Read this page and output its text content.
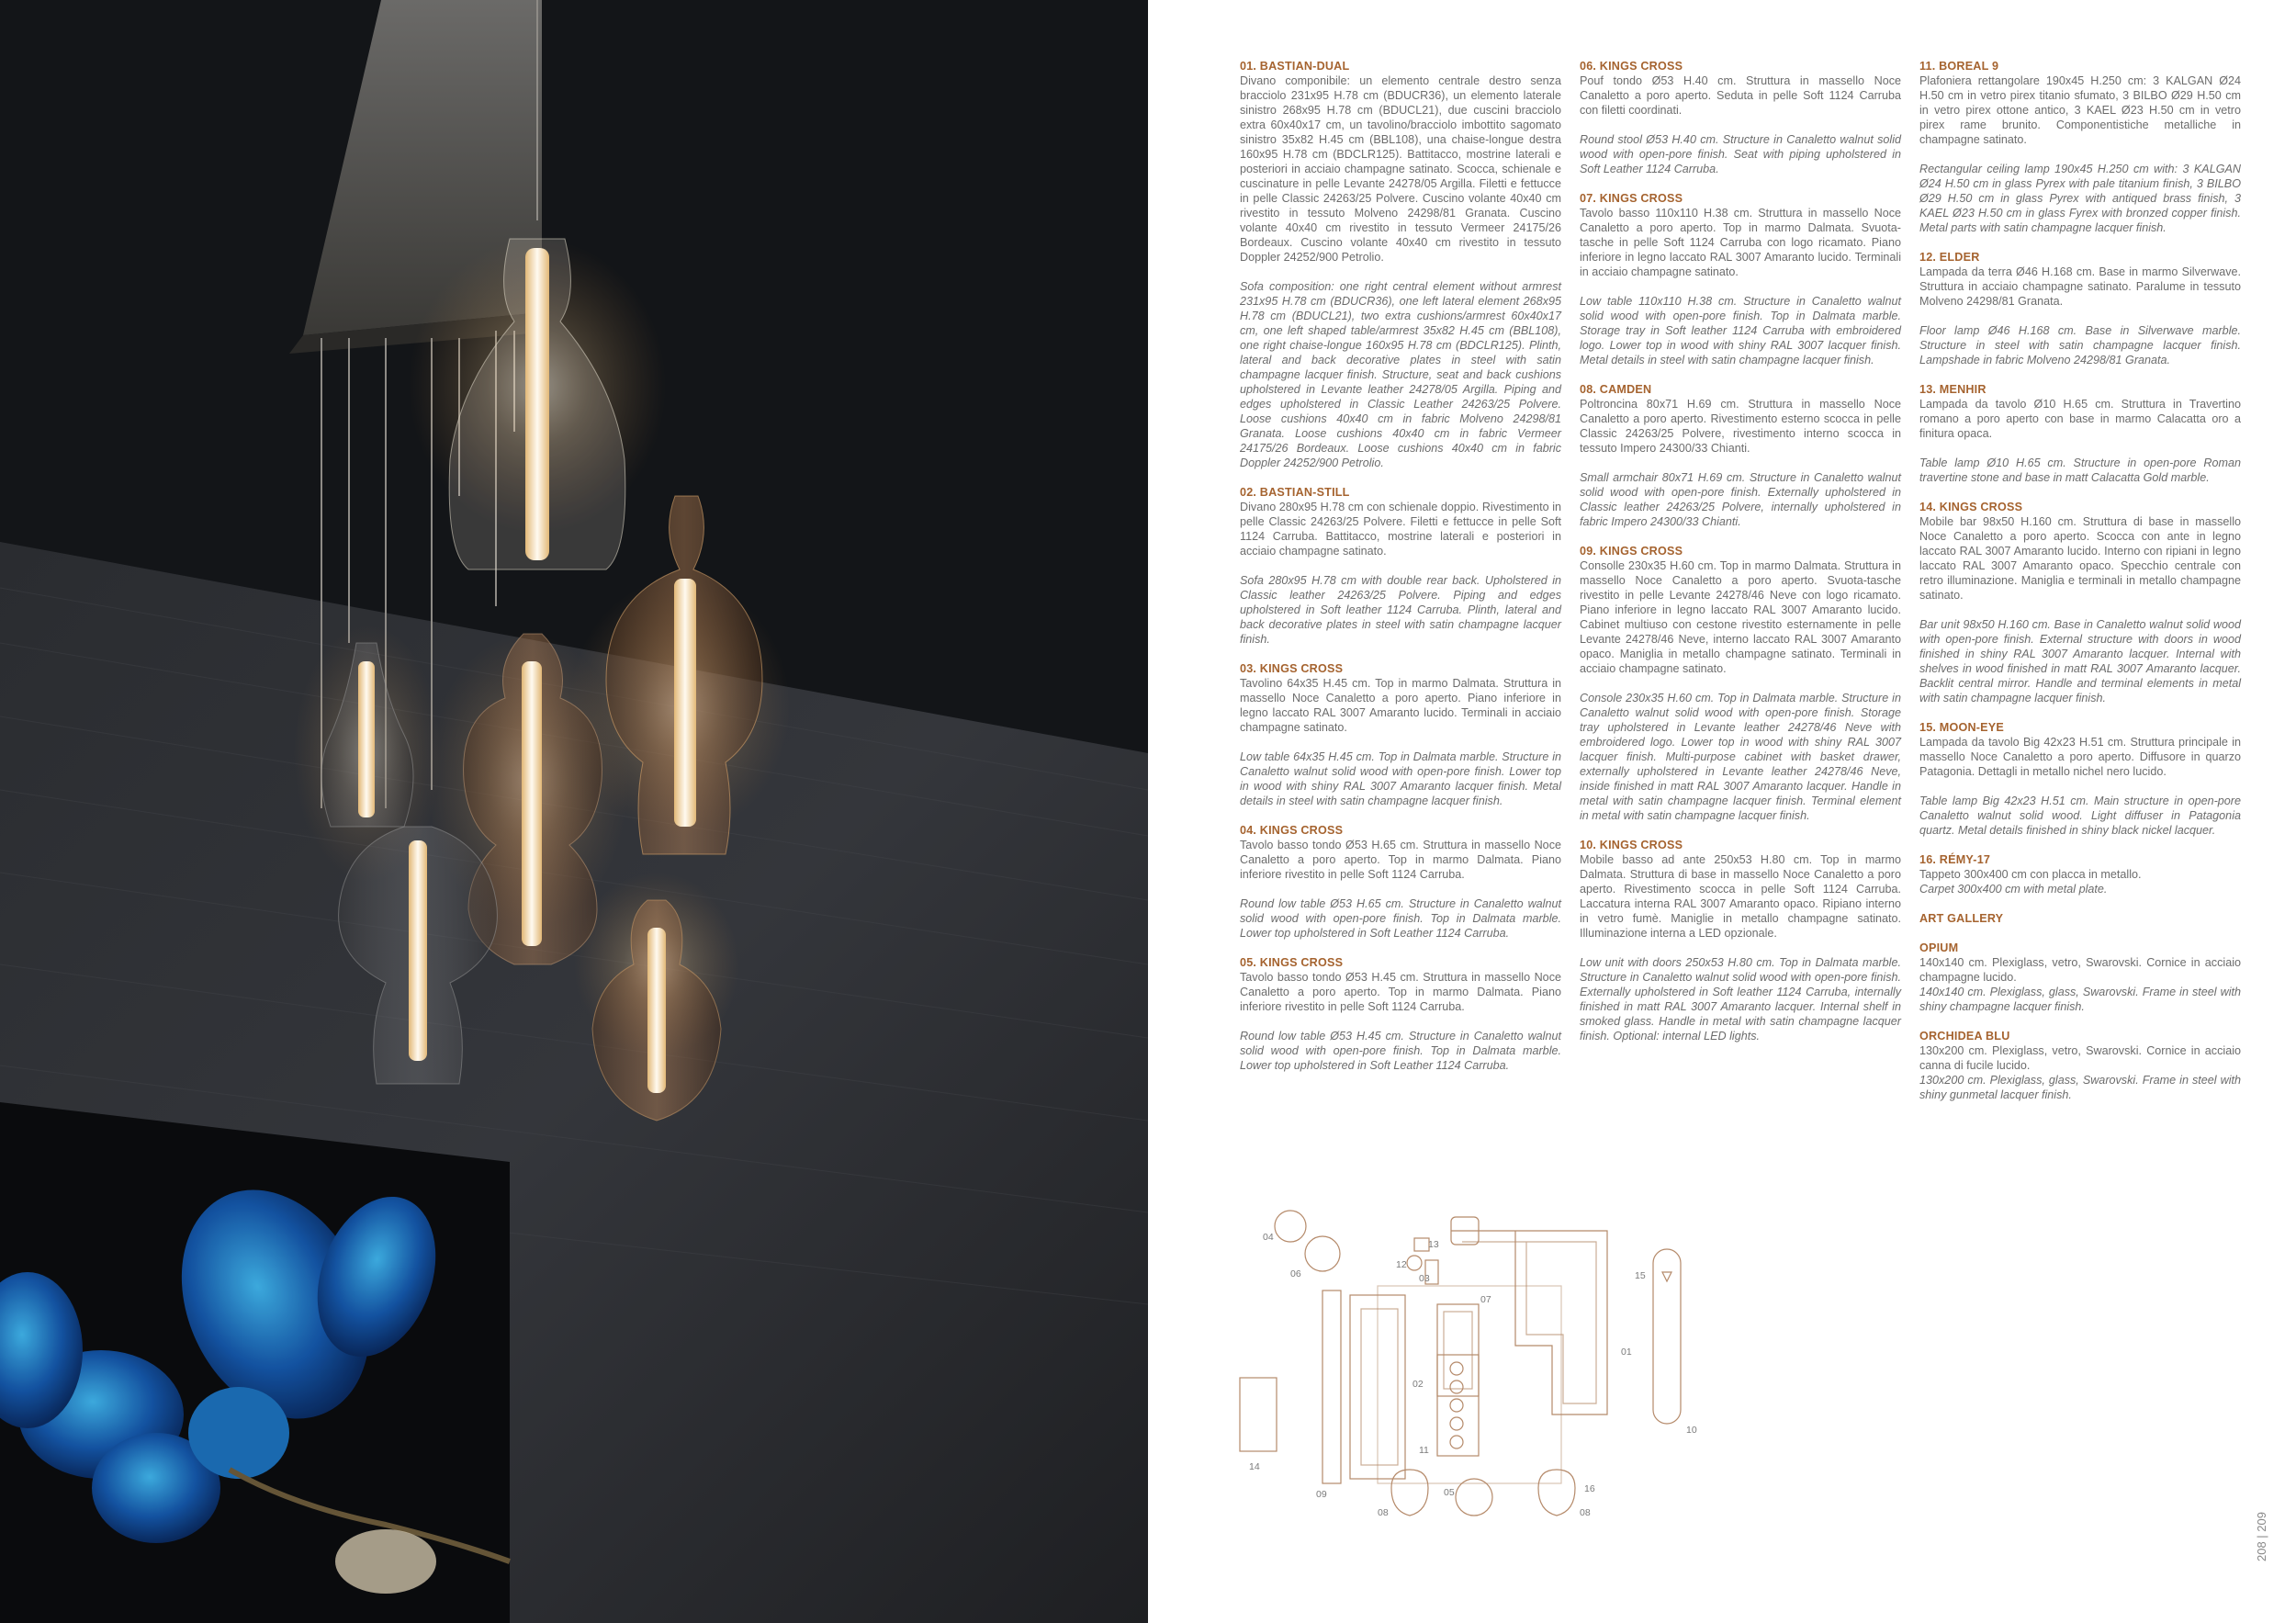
01. BASTIAN-DUAL

Divano componibile: un elemento centrale destro senza bracciolo 231x95 H.78 cm (BDUCR36), un elemento laterale sinistro 268x95 H.78 cm (BDUCL21), due cuscini bracciolo extra 60x40x17 cm, un tavolino/bracciolo imbottito sagomato sinistro 35x82 H.45 cm (BBL108), una chaise-longue destra 160x95 H.78 cm (BDCLR125). Battitacco, mostrine laterali e posteriori in acciaio champagne satinato. Scocca, schienale e cuscinature in pelle Levante 24278/05 Argilla. Filetti e fettucce in pelle Classic 24263/25 Polvere. Cuscino volante 40x40 cm rivestito in tessuto Molveno 24298/81 Granata. Cuscino volante 40x40 cm rivestito in tessuto Vermeer 24175/26 Bordeaux. Cuscino volante 40x40 cm rivestito in tessuto Doppler 24252/900 Petrolio.

Sofa composition: one right central element without armrest 231x95 H.78 cm (BDUCR36), one left lateral element 268x95 H.78 cm (BDUCL21), two extra cushions/armrest 60x40x17 cm, one left shaped table/armrest 35x82 H.45 cm (BBL108), one right chaise-longue 160x95 H.78 cm (BDCLR125). Plinth, lateral and back decorative plates in steel with satin champagne lacquer finish. Structure, seat and back cushions upholstered in Levante leather 24278/05 Argilla. Piping and edges upholstered in Classic Leather 24263/25 Polvere. Loose cushions 40x40 cm in fabric Molveno 24298/81 Granata. Loose cushions 40x40 cm in fabric Vermeer 24175/26 Bordeaux. Loose cushions 40x40 cm in fabric Doppler 24252/900 Petrolio.

02. BASTIAN-STILL

Divano 280x95 H.78 cm con schienale doppio. Rivestimento in pelle Classic 24263/25 Polvere. Filetti e fettucce in pelle Soft 1124 Carruba. Battitacco, mostrine laterali e posteriori in acciaio champagne satinato.

Sofa 280x95 H.78 cm with double rear back. Upholstered in Classic leather 24263/25 Polvere. Piping and edges upholstered in Soft leather 1124 Carruba. Plinth, lateral and back decorative plates in steel with satin champagne lacquer finish.

03. KINGS CROSS

Tavolino 64x35 H.45 cm. Top in marmo Dalmata. Struttura in massello Noce Canaletto a poro aperto. Piano inferiore in legno laccato RAL 3007 Amaranto lucido. Terminali in acciaio champagne satinato.

Low table 64x35 H.45 cm. Top in Dalmata marble. Structure in Canaletto walnut solid wood with open-pore finish. Lower top in wood with shiny RAL 3007 Amaranto lacquer finish. Metal details in steel with satin champagne lacquer finish.

04. KINGS CROSS

Tavolo basso tondo Ø53 H.65 cm. Struttura in massello Noce Canaletto a poro aperto. Top in marmo Dalmata. Piano inferiore rivestito in pelle Soft 1124 Carruba.

Round low table Ø53 H.65 cm. Structure in Canaletto walnut solid wood with open-pore finish. Top in Dalmata marble. Lower top upholstered in Soft Leather 1124 Carruba.

05. KINGS CROSS

Tavolo basso tondo Ø53 H.45 cm. Struttura in massello Noce Canaletto a poro aperto. Top in marmo Dalmata. Piano inferiore rivestito in pelle Soft 1124 Carruba.

Round low table Ø53 H.45 cm. Structure in Canaletto walnut solid wood with open-pore finish. Top in Dalmata marble. Lower top upholstered in Soft Leather 1124 Carruba.

06. KINGS CROSS

Pouf tondo Ø53 H.40 cm. Struttura in massello Noce Canaletto a poro aperto. Seduta in pelle Soft 1124 Carruba con filetti coordinati.

Round stool Ø53 H.40 cm. Structure in Canaletto walnut solid wood with open-pore finish. Seat with piping upholstered in Soft Leather 1124 Carruba.

07. KINGS CROSS

Tavolo basso 110x110 H.38 cm. Struttura in massello Noce Canaletto a poro aperto. Top in marmo Dalmata. Svuota-tasche in pelle Soft 1124 Carruba con logo ricamato. Piano inferiore in legno laccato RAL 3007 Amaranto lucido. Terminali in acciaio champagne satinato.

Low table 110x110 H.38 cm. Structure in Canaletto walnut solid wood with open-pore finish. Top in Dalmata marble. Storage tray in Soft leather 1124 Carruba with embroidered logo. Lower top in wood with shiny RAL 3007 lacquer finish. Metal details in steel with satin champagne lacquer finish.

08. CAMDEN

Poltroncina 80x71 H.69 cm. Struttura in massello Noce Canaletto a poro aperto. Rivestimento esterno scocca in pelle Classic 24263/25 Polvere, rivestimento interno scocca in tessuto Impero 24300/33 Chianti.

Small armchair 80x71 H.69 cm. Structure in Canaletto walnut solid wood with open-pore finish. Externally upholstered in Classic leather 24263/25 Polvere, internally upholstered in fabric Impero 24300/33 Chianti.

09. KINGS CROSS

Consolle 230x35 H.60 cm. Top in marmo Dalmata. Struttura in massello Noce Canaletto a poro aperto. Svuota-tasche rivestito in pelle Levante 24278/46 Neve con logo ricamato. Piano inferiore in legno laccato RAL 3007 Amaranto lucido. Cabinet multiuso con cestone rivestito esternamente in pelle Levante 24278/46 Neve, interno laccato RAL 3007 Amaranto opaco. Maniglia in metallo champagne satinato. Terminali in acciaio champagne satinato.

Console 230x35 H.60 cm. Top in Dalmata marble. Structure in Canaletto walnut solid wood with open-pore finish. Storage tray upholstered in Levante leather 24278/46 Neve with embroidered logo. Lower top in wood with shiny RAL 3007 lacquer finish. Multi-purpose cabinet with basket drawer, externally upholstered in Levante leather 24278/46 Neve, inside finished in matt RAL 3007 Amaranto lacquer. Handle in metal with satin champagne lacquer finish. Terminal element in metal with satin champagne lacquer finish.

10. KINGS CROSS

Mobile basso ad ante 250x53 H.80 cm. Top in marmo Dalmata. Struttura di base in massello Noce Canaletto a poro aperto. Rivestimento scocca in pelle Soft 1124 Carruba. Laccatura interna RAL 3007 Amaranto opaco. Ripiano interno in vetro fumè. Maniglie in metallo champagne satinato. Illuminazione interna a LED opzionale.

Low unit with doors 250x53 H.80 cm. Top in Dalmata marble. Structure in Canaletto walnut solid wood with open-pore finish. Externally upholstered in Soft leather 1124 Carruba, internally finished in matt RAL 3007 Amaranto lacquer. Internal shelf in smoked glass. Handle in metal with satin champagne lacquer finish. Optional: internal LED lights.

11. BOREAL 9

Plafoniera rettangolare 190x45 H.250 cm: 3 KALGAN Ø24 H.50 cm in vetro pirex titanio sfumato, 3 BILBO Ø29 H.50 cm in vetro pirex ottone antico, 3 KAEL Ø23 H.50 cm in vetro pirex rame brunito. Componentistiche metalliche in champagne satinato.

Rectangular ceiling lamp 190x45 H.250 cm with: 3 KALGAN Ø24 H.50 cm in glass Pyrex with pale titanium finish, 3 BILBO Ø29 H.50 cm in glass Pyrex with antiqued brass finish, 3 KAEL Ø23 H.50 cm in glass Fyrex with bronzed copper finish. Metal parts with satin champagne lacquer finish.

12. ELDER

Lampada da terra Ø46 H.168 cm. Base in marmo Silverwave. Struttura in acciaio champagne satinato. Paralume in tessuto Molveno 24298/81 Granata.

Floor lamp Ø46 H.168 cm. Base in Silverwave marble. Structure in steel with satin champagne lacquer finish. Lampshade in fabric Molveno 24298/81 Granata.

13. MENHIR

Lampada da tavolo Ø10 H.65 cm. Struttura in Travertino romano a poro aperto con base in marmo Calacatta oro a finitura opaca.

Table lamp Ø10 H.65 cm. Structure in open-pore Roman travertine stone and base in matt Calacatta Gold marble.

14. KINGS CROSS

Mobile bar 98x50 H.160 cm. Struttura di base in massello Noce Canaletto a poro aperto. Scocca con ante in legno laccato RAL 3007 Amaranto lucido. Interno con ripiani in legno laccato RAL 3007 Amaranto opaco. Specchio centrale con retro illuminazione. Maniglia e terminali in metallo champagne satinato.

Bar unit 98x50 H.160 cm. Base in Canaletto walnut solid wood with open-pore finish. External structure with doors in wood finished in shiny RAL 3007 Amaranto lacquer. Internal with shelves in wood finished in matt RAL 3007 Amaranto lacquer. Backlit central mirror. Handle and terminal elements in metal with satin champagne lacquer finish.

15. MOON-EYE

Lampada da tavolo Big 42x23 H.51 cm. Struttura principale in massello Noce Canaletto a poro aperto. Diffusore in quarzo Patagonia. Dettagli in metallo nichel nero lucido.

Table lamp Big 42x23 H.51 cm. Main structure in open-pore Canaletto walnut solid wood. Light diffuser in Patagonia quartz. Metal details finished in shiny black nickel lacquer.

16. RÉMY-17

Tappeto 300x400 cm con placca in metallo.

Carpet 300x400 cm with metal plate.

ART GALLERY
OPIUM

140x140 cm. Plexiglass, vetro, Swarovski. Cornice in acciaio champagne lucido.

140x140 cm. Plexiglass, glass, Swarovski. Frame in steel with shiny champagne lacquer finish.

ORCHIDEA BLU

130x200 cm. Plexiglass, vetro, Swarovski. Cornice in acciaio canna di fucile lucido.

130x200 cm. Plexiglass, glass, Swarovski. Frame in steel with shiny gunmetal lacquer finish.

04
06
13
12
03
01
02
09
07
11
16
10
15
14
05
08	08	208 | 209
